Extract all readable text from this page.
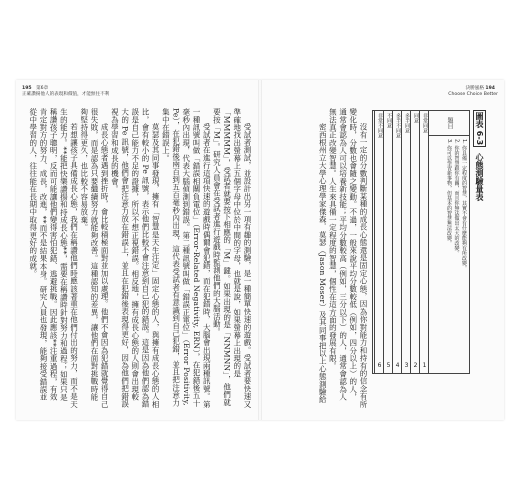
195 第6章
正確讚揚他人的表現和價值，才能無往不利
決勝風格 194
Choose Choice Better
圖表 6-3 心態測驗量表
題目
1. 你具備一定程度的智慧，其實不會有什麼能夠有所改變。
2. 你的智慧跟你有關，而且你無法做出太大的改變。
3. 你可以學習新事物，但基本的智慧無法改變。
非常同意
1
同意
2
多半同意
3
多半不同意
4
不同意
5
非常不同意
6

沒有一定的分數判斷某種的成長心態還是固定心態，因為你對能力和持有的信念有所變化時，分數也會隨之變動。不過，一般來說平均分數較低（例如，四分以上）的人，通常會認為人可以培養新技能；平均分數較高（例如，三分以下）的人，通常會認為人無法真正改變智慧。人生來具備一定程度的智慧，個性在這方面的發展有限。

密西根州立大學心理學家傑森．莫瑟（Jason Moser）及其同事把以上心態測驗給

受試者測試，並設計出另一項有趣的測驗，是一種簡單快速的遊戲。受試者要快速又準確地找出螢幕上五個字母中位於中間的字母，也就是說，如果螢幕上出現的是「MMMMM」，受試者就要按下相應的「M」鍵。如果出現的是「NNMNN」，他們就要按「M」。研究人員會在受試者進行遊戲時監測他們的大腦活動。

受試者在進行這項快速的遊戲時偶爾會犯錯，而在犯錯時，大腦會出現兩種訊號。第一種訊號叫做「錯誤相關負電位」（Error-Related Negativity, ERN），在犯錯後五十毫秒內出現，代表大腦偵測到錯誤。第二種訊號叫做「錯誤正電位」（Error Positivity, Pe），在犯錯後兩百到五百毫秒內出現，這代表受試者有意識到自己犯錯，並且把注意力集中在錯誤上。

莫瑟及其同事發現，擁有「智慧是天生注定」固定心態的人，與擁有成長心態的人相比，會有較小的 Pe 訊號，表示他們比較不會注意到自己犯的錯誤。這是因為他們認為錯誤是自己能力不足的證據，所以不想正視錯誤。相反地，擁有成長心態的人則會出現較大的 Pe 訊號，他們會把注意力放在錯誤上，並且在犯錯後表現得更好，因為他們把錯誤視為學習和成長的機會。

成長心態者遇到挫折時，會比較積極面對並加以處理。他們不會因為犯錯就覺得自己很失敗，而是認為只要繼續努力就能夠改善。這種認知的差異，讓他們在面對挑戰時能夠堅持得更久，也比較不容易放棄。

若想讓孩子具備成長心態，我們在稱讚他們時應該著重在他們付出的努力，而不是天生的能力。**能把快樂讚揚和持成長心態**，需要在稱讚時針對努力和過程；如果只是稱讚孩子聰明，反而可能讓他們變得害怕犯錯、逃避挑戰。因此應該**注重過程，有效肯定對方的努力、成長，改進，**而不是結果本身。研究人員也發現，能夠接受錯誤並從中學習的人，往往能在長期中取得更好的成就。
